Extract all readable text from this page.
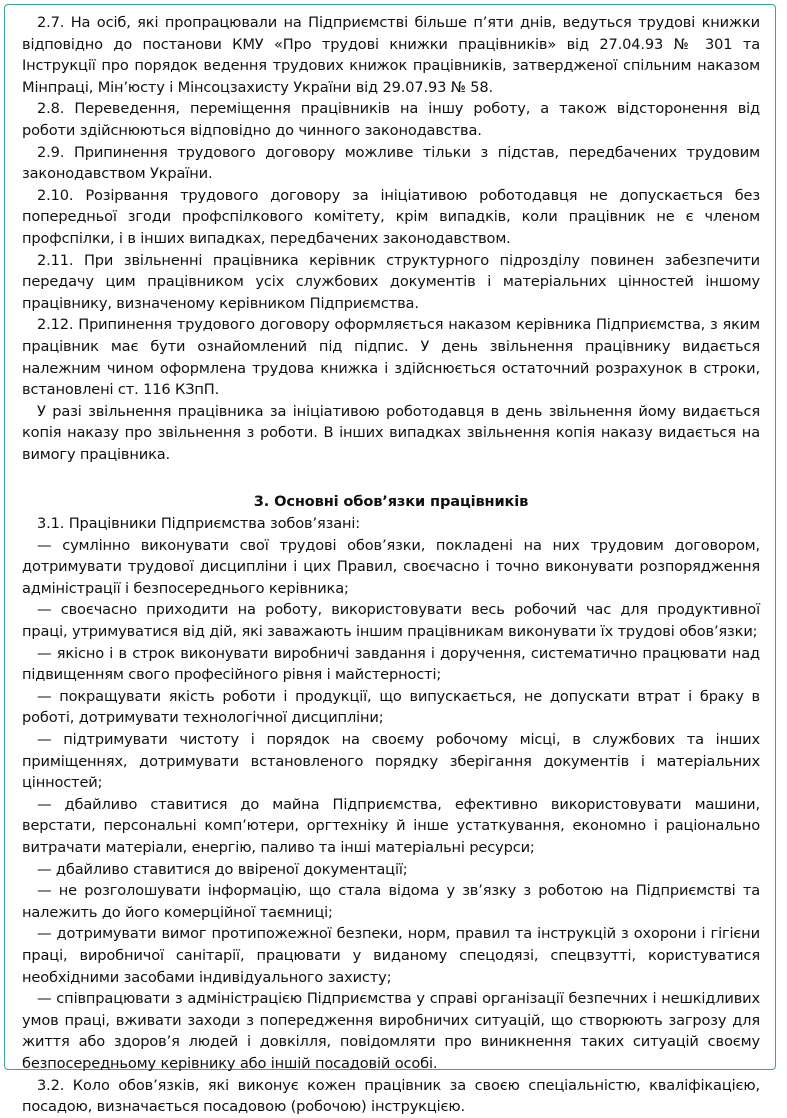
2.7. На осіб, які пропрацювали на Підприємстві більше п’яти днів, ведуться трудові книжки відповідно до постанови КМУ «Про трудові книжки працівників» від 27.04.93 № 301 та Інструкції про порядок ведення трудових книжок працівників, затвердженої спільним наказом Мінпраці, Мін’юсту і Мінсоцзахисту України від 29.07.93 № 58.

2.8. Переведення, переміщення працівників на іншу роботу, а також відсторонення від роботи здійснюються відповідно до чинного законодавства.

2.9. Припинення трудового договору можливе тільки з підстав, передбачених трудовим законодавством України.

2.10. Розірвання трудового договору за ініціативою роботодавця не допускається без попередньої згоди профспілкового комітету, крім випадків, коли працівник не є членом профспілки, і в інших випадках, передбачених законодавством.

2.11. При звільненні працівника керівник структурного підрозділу повинен забезпечити передачу цим працівником усіх службових документів і матеріальних цінностей іншому працівнику, визначеному керівником Підприємства.

2.12. Припинення трудового договору оформляється наказом керівника Підприємства, з яким працівник має бути ознайомлений під підпис. У день звільнення працівнику видається належним чином оформлена трудова книжка і здійснюється остаточний розрахунок в строки, встановлені ст. 116 КЗпП.

У разі звільнення працівника за ініціативою роботодавця в день звільнення йому видається копія наказу про звільнення з роботи. В інших випадках звільнення копія наказу видається на вимогу працівника.

3. Основні обов’язки працівників

3.1. Працівники Підприємства зобов’язані:

— сумлінно виконувати свої трудові обов’язки, покладені на них трудовим договором, дотримувати трудової дисципліни і цих Правил, своєчасно і точно виконувати розпорядження адміністрації і безпосереднього керівника;

— своєчасно приходити на роботу, використовувати весь робочий час для продуктивної праці, утримуватися від дій, які заважають іншим працівникам виконувати їх трудові обов’язки;

— якісно і в строк виконувати виробничі завдання і доручення, систематично працювати над підвищенням свого професійного рівня і майстерності;

— покращувати якість роботи і продукції, що випускається, не допускати втрат і браку в роботі, дотримувати технологічної дисципліни;

— підтримувати чистоту і порядок на своєму робочому місці, в службових та інших приміщеннях, дотримувати встановленого порядку зберігання документів і матеріальних цінностей;

— дбайливо ставитися до майна Підприємства, ефективно використовувати машини, верстати, персональні комп’ютери, оргтехніку й інше устаткування, економно і раціонально витрачати матеріали, енергію, паливо та інші матеріальні ресурси;

— дбайливо ставитися до ввіреної документації;

— не розголошувати інформацію, що стала відома у зв’язку з роботою на Підприємстві та належить до його комерційної таємниці;

— дотримувати вимог протипожежної безпеки, норм, правил та інструкцій з охорони і гігієни праці, виробничої санітарії, працювати у виданому спецодязі, спецвзутті, користуватися необхідними засобами індивідуального захисту;

— співпрацювати з адміністрацією Підприємства у справі організації безпечних і нешкідливих умов праці, вживати заходи з попередження виробничих ситуацій, що створюють загрозу для життя або здоров’я людей і довкілля, повідомляти про виникнення таких ситуацій своєму безпосередньому керівнику або іншій посадовій особі.

3.2. Коло обов’язків, які виконує кожен працівник за своєю спеціальністю, кваліфікацією, посадою, визначається посадовою (робочою) інструкцією.
